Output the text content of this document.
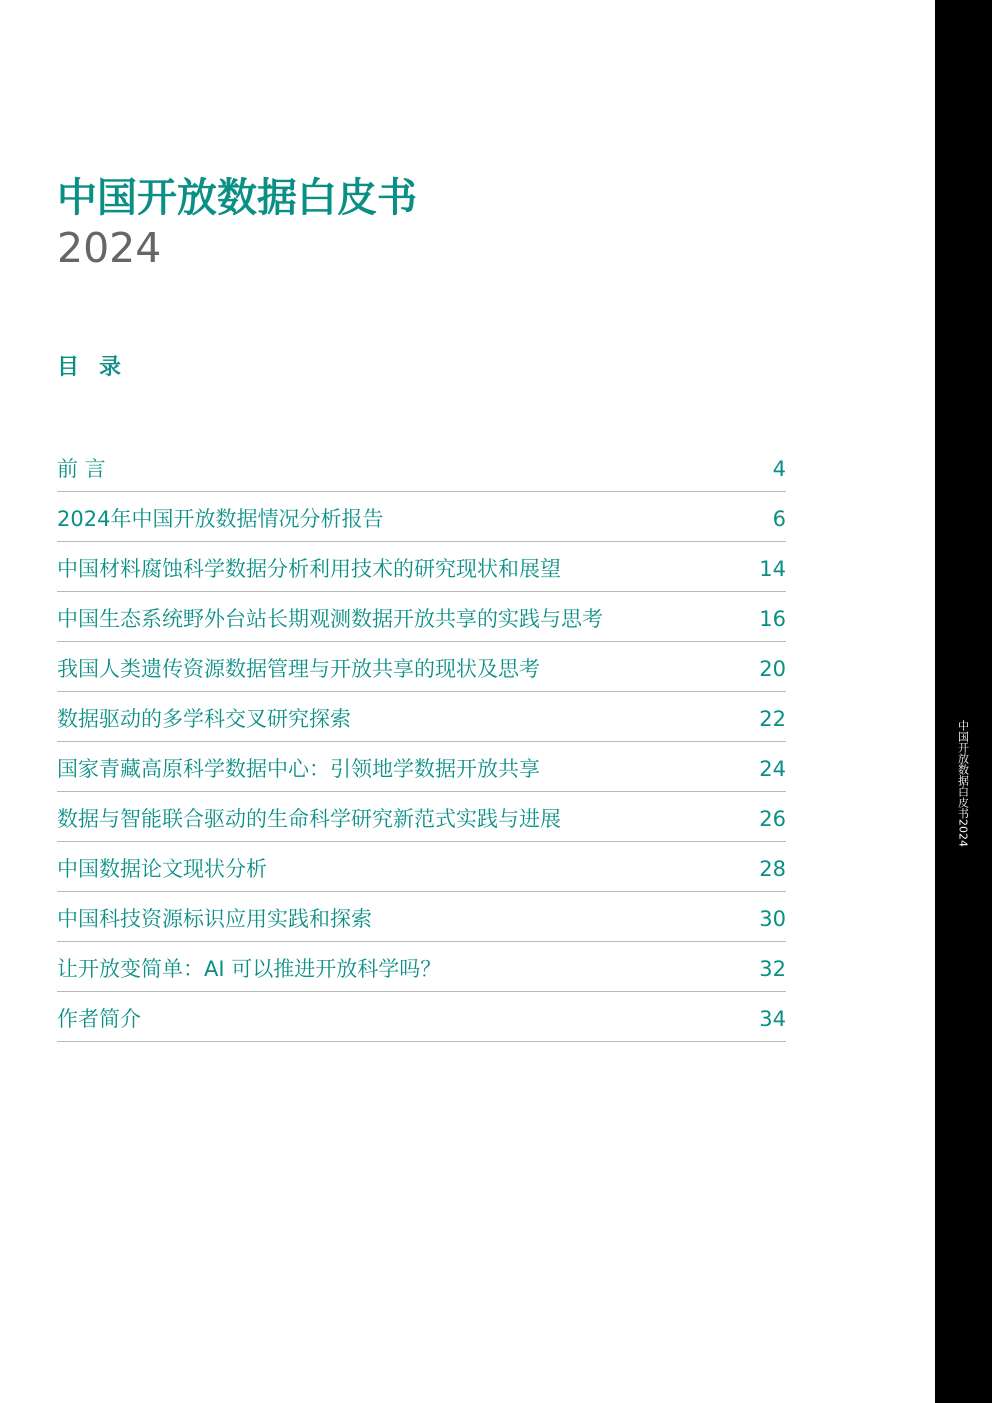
中国开放数据白皮书2024
中国开放数据白皮书
2024
目录
前 言	4
2024年中国开放数据情况分析报告	6
中国材料腐蚀科学数据分析利用技术的研究现状和展望	14
中国生态系统野外台站长期观测数据开放共享的实践与思考	16
我国人类遗传资源数据管理与开放共享的现状及思考	20
数据驱动的多学科交叉研究探索	22
国家青藏高原科学数据中心：引领地学数据开放共享	24
数据与智能联合驱动的生命科学研究新范式实践与进展	26
中国数据论文现状分析	28
中国科技资源标识应用实践和探索	30
让开放变简单：AI 可以推进开放科学吗？	32
作者简介	34
